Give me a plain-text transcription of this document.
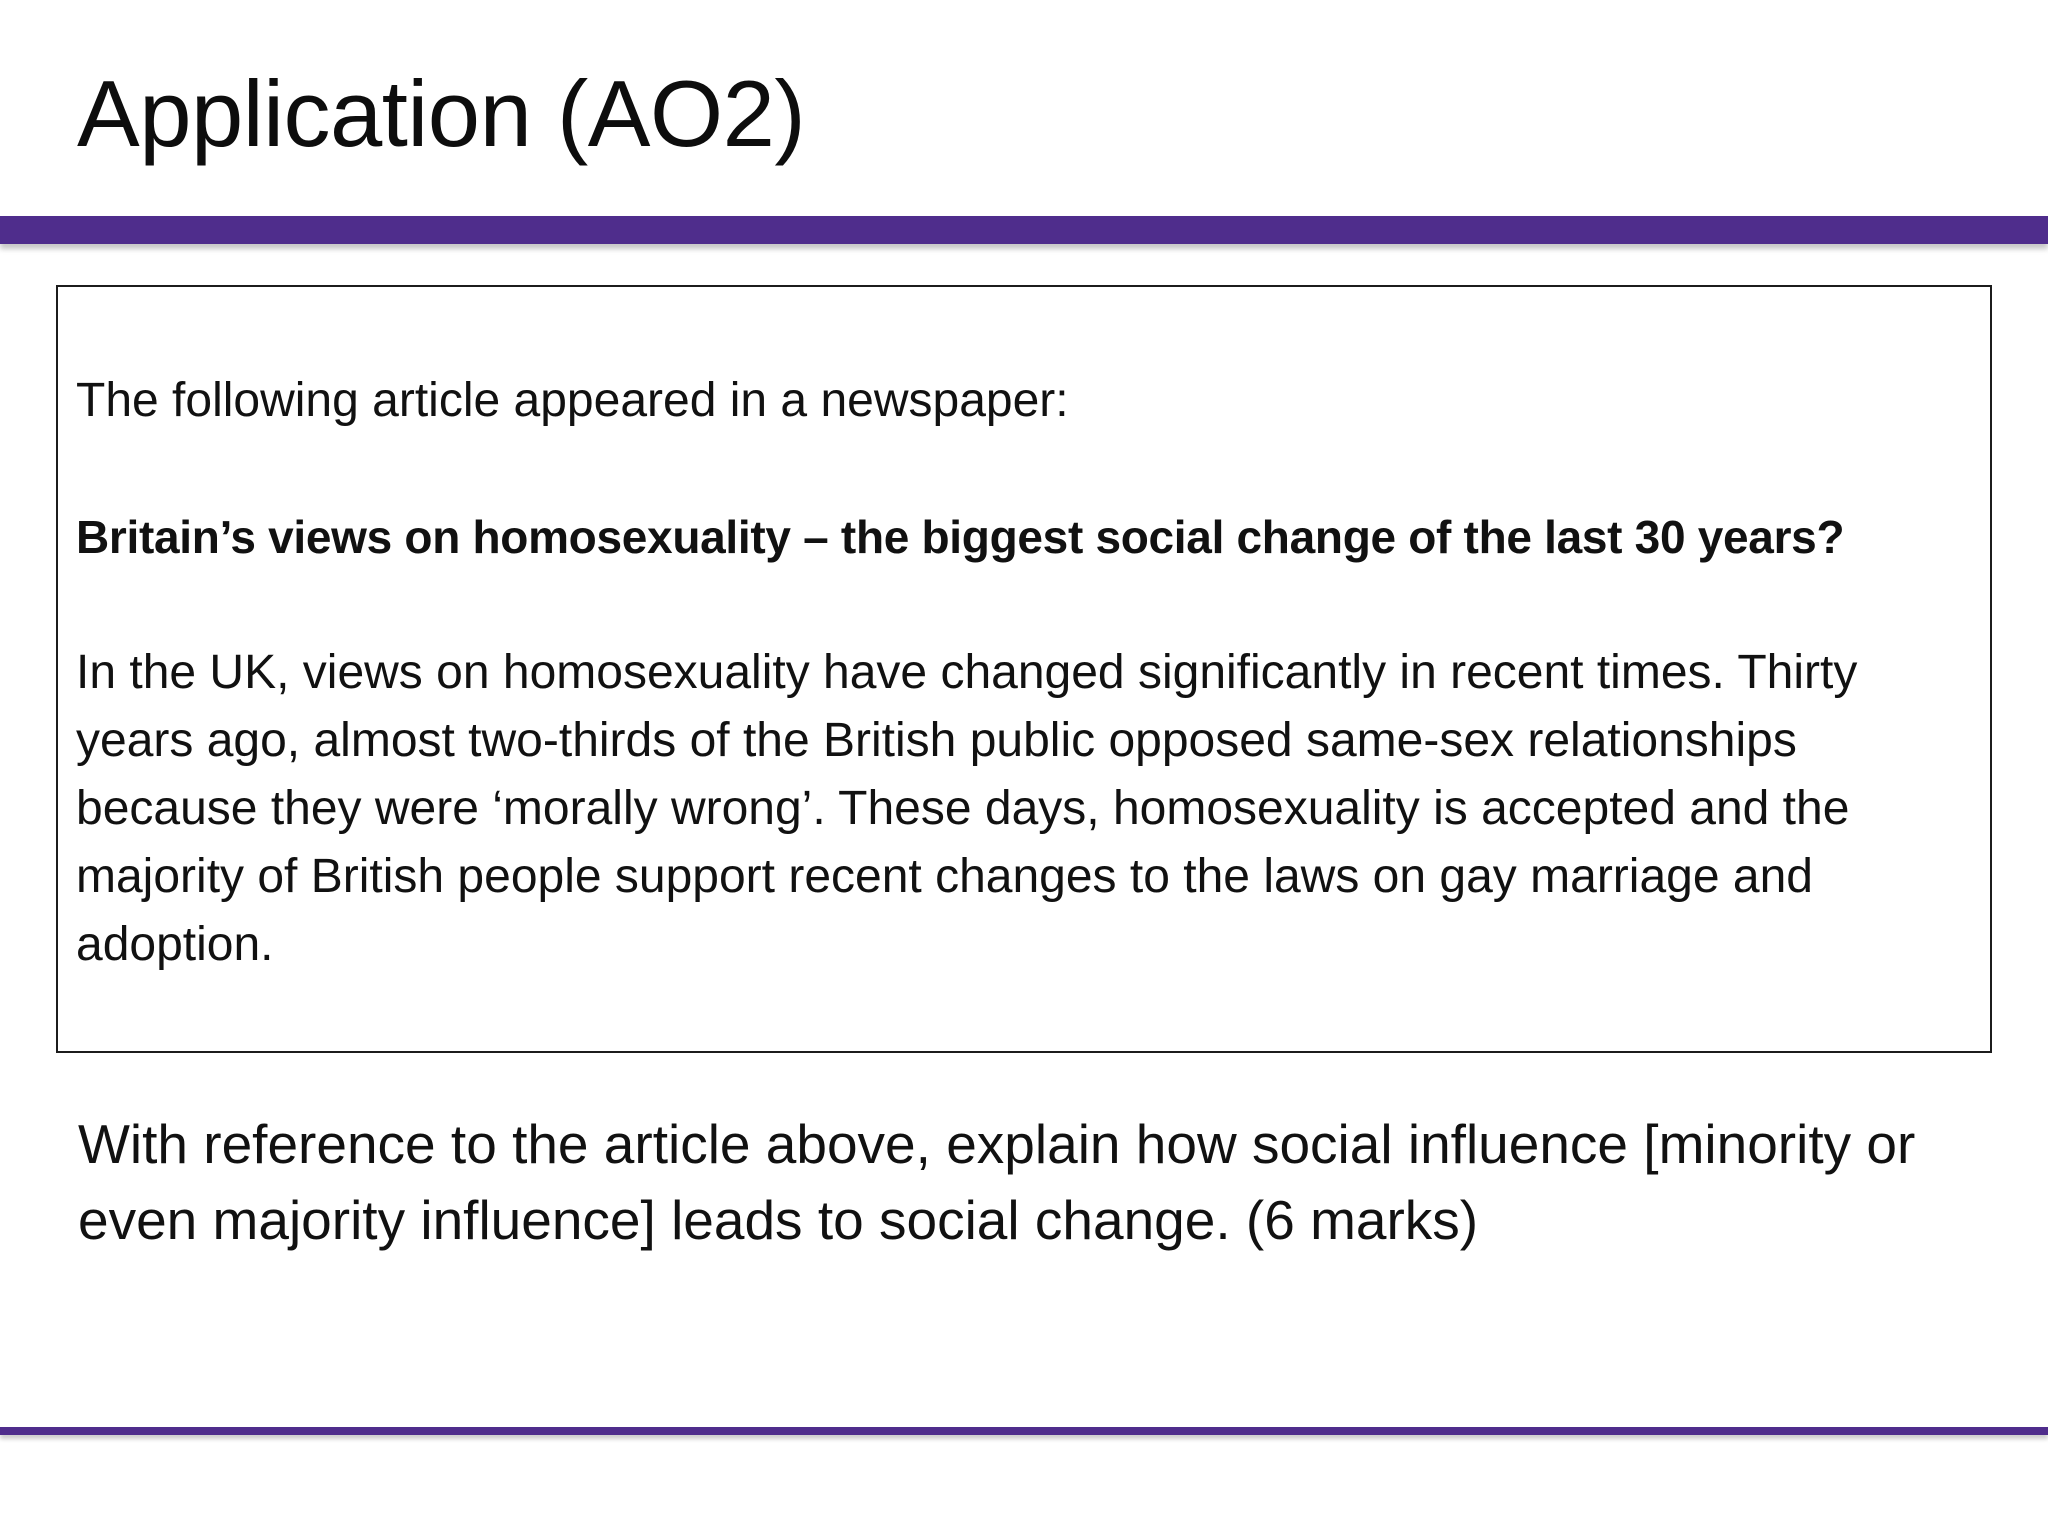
Application (AO2)

The following article appeared in a newspaper:

Britain’s views on homosexuality – the biggest social change of the last 30 years?

In the UK, views on homosexuality have changed significantly in recent times. Thirty years ago, almost two-thirds of the British public opposed same-sex relationships because they were ‘morally wrong’. These days, homosexuality is accepted and the majority of British people support recent changes to the laws on gay marriage and adoption.

With reference to the article above, explain how social influence [minority or even majority influence] leads to social change. (6 marks)
